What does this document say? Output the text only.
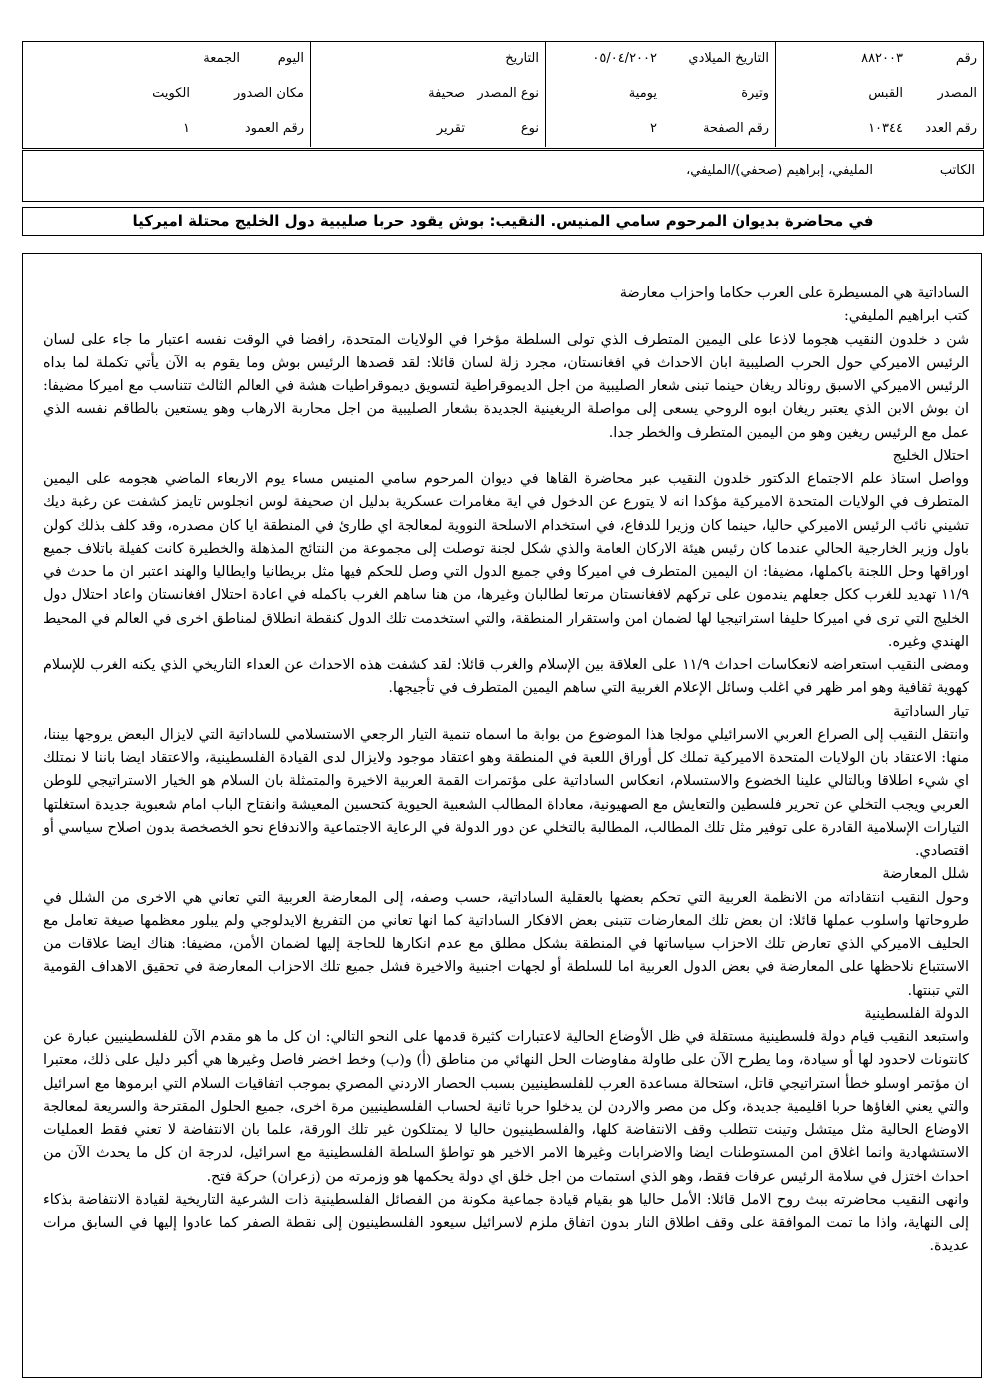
رقم
٨٨٢٠٠٣
التاريخ الميلادي
٠٥/٠٤/٢٠٠٢
التاريخ
اليوم
الجمعة
المصدر
القبس
وتيرة
يومية
نوع المصدر
صحيفة
مكان الصدور
الكويت
رقم العدد
١٠٣٤٤
رقم الصفحة
٢
نوع
تقرير
رقم العمود
١
الكاتب
المليفي، إبراهيم (صحفي)/المليفي،
في محاضرة بديوان المرحوم سامي المنيس. النقيب: بوش يقود حربا صليبية دول الخليج محتلة اميركيا

الساداتية هي المسيطرة على العرب حكاما واحزاب معارضة

كتب ابراهيم المليفي:

شن د خلدون النقيب هجوما لاذعا على اليمين المتطرف الذي تولى السلطة مؤخرا في الولايات المتحدة، رافضا في الوقت نفسه اعتبار ما جاء على لسان الرئيس الاميركي حول الحرب الصليبية ابان الاحداث في افغانستان، مجرد زلة لسان قائلا: لقد قصدها الرئيس بوش وما يقوم به الآن يأتي تكملة لما بداه الرئيس الاميركي الاسبق رونالد ريغان حينما تبنى شعار الصليبية من اجل الديموقراطية لتسويق ديموقراطيات هشة في العالم الثالث تتناسب مع اميركا مضيفا: ان بوش الابن الذي يعتبر ريغان ابوه الروحي يسعى إلى مواصلة الريغينية الجديدة بشعار الصليبية من اجل محاربة الارهاب وهو يستعين بالطاقم نفسه الذي عمل مع الرئيس ريغين وهو من اليمين المتطرف والخطر جدا.

احتلال الخليج

وواصل استاذ علم الاجتماع الدكتور خلدون النقيب عبر محاضرة القاها في ديوان المرحوم سامي المنيس مساء يوم الاربعاء الماضي هجومه على اليمين المتطرف في الولايات المتحدة الاميركية مؤكدا انه لا يتورع عن الدخول في اية مغامرات عسكرية بدليل ان صحيفة لوس انجلوس تايمز كشفت عن رغبة ديك تشيني نائب الرئيس الاميركي حاليا، حينما كان وزيرا للدفاع، في استخدام الاسلحة النووية لمعالجة اي طارئ في المنطقة ايا كان مصدره، وقد كلف بذلك كولن باول وزير الخارجية الحالي عندما كان رئيس هيئة الاركان العامة والذي شكل لجنة توصلت إلى مجموعة من النتائج المذهلة والخطيرة كانت كفيلة باتلاف جميع اوراقها وحل اللجنة باكملها، مضيفا: ان اليمين المتطرف في اميركا وفي جميع الدول التي وصل للحكم فيها مثل بريطانيا وايطاليا والهند اعتبر ان ما حدث في ١١/٩ تهديد للغرب ككل جعلهم يندمون على تركهم لافغانستان مرتعا لطالبان وغيرها، من هنا ساهم الغرب باكمله في اعادة احتلال افغانستان واعاد احتلال دول الخليج التي ترى في اميركا حليفا استراتيجيا لها لضمان امن واستقرار المنطقة، والتي استخدمت تلك الدول كنقطة انطلاق لمناطق اخرى في العالم في المحيط الهندي وغيره.

ومضى النقيب استعراضه لانعكاسات احداث ١١/٩ على العلاقة بين الإسلام والغرب قائلا: لقد كشفت هذه الاحداث عن العداء التاريخي الذي يكنه الغرب للإسلام كهوية ثقافية وهو امر ظهر في اغلب وسائل الإعلام الغربية التي ساهم اليمين المتطرف في تأجيجها.

تيار الساداتية

وانتقل النقيب إلى الصراع العربي الاسرائيلي مولجا هذا الموضوع من بوابة ما اسماه تنمية التيار الرجعي الاستسلامي للساداتية التي لايزال البعض يروجها بيننا، منها: الاعتقاد بان الولايات المتحدة الاميركية تملك كل أوراق اللعبة في المنطقة وهو اعتقاد موجود ولايزال لدى القيادة الفلسطينية، والاعتقاد ايضا باننا لا نمتلك اي شيء اطلاقا وبالتالي علينا الخضوع والاستسلام، انعكاس الساداتية على مؤتمرات القمة العربية الاخيرة والمتمثلة بان السلام هو الخيار الاستراتيجي للوطن العربي ويجب التخلي عن تحرير فلسطين والتعايش مع الصهيونية، معاداة المطالب الشعبية الحيوية كتحسين المعيشة وانفتاح الباب امام شعبوية جديدة استغلتها التيارات الإسلامية القادرة على توفير مثل تلك المطالب، المطالبة بالتخلي عن دور الدولة في الرعاية الاجتماعية والاندفاع نحو الخصخصة بدون اصلاح سياسي أو اقتصادي.

شلل المعارضة

وحول النقيب انتقاداته من الانظمة العربية التي تحكم بعضها بالعقلية الساداتية، حسب وصفه، إلى المعارضة العربية التي تعاني هي الاخرى من الشلل في طروحاتها واسلوب عملها قائلا: ان بعض تلك المعارضات تتبنى بعض الافكار الساداتية كما انها تعاني من التفريغ الايدلوجي ولم يبلور معظمها صيغة تعامل مع الحليف الاميركي الذي تعارض تلك الاحزاب سياساتها في المنطقة بشكل مطلق مع عدم انكارها للحاجة إليها لضمان الأمن، مضيفا: هناك ايضا علاقات من الاستتباع نلاحظها على المعارضة في بعض الدول العربية اما للسلطة أو لجهات اجنبية والاخيرة فشل جميع تلك الاحزاب المعارضة في تحقيق الاهداف القومية التي تبنتها.

الدولة الفلسطينية

واستبعد النقيب قيام دولة فلسطينية مستقلة في ظل الأوضاع الحالية لاعتبارات كثيرة قدمها على النحو التالي: ان كل ما هو مقدم الآن للفلسطينيين عبارة عن كانتونات لاحدود لها أو سيادة، وما يطرح الآن على طاولة مفاوضات الحل النهائي من مناطق (أ) و(ب) وخط اخضر فاصل وغيرها هي أكبر دليل على ذلك، معتبرا ان مؤتمر اوسلو خطأ استراتيجي قاتل، استحالة مساعدة العرب للفلسطينيين بسبب الحصار الاردني المصري بموجب اتفاقيات السلام التي ابرموها مع اسرائيل والتي يعني الغاؤها حربا اقليمية جديدة، وكل من مصر والاردن لن يدخلوا حربا ثانية لحساب الفلسطينيين مرة اخرى، جميع الحلول المقترحة والسريعة لمعالجة الاوضاع الحالية مثل ميتشل وتينت تتطلب وقف الانتفاضة كلها، والفلسطينيون حاليا لا يمتلكون غير تلك الورقة، علما بان الانتفاضة لا تعني فقط العمليات الاستشهادية وانما اغلاق امن المستوطنات ايضا والاضرابات وغيرها الامر الاخير هو تواطؤ السلطة الفلسطينية مع اسرائيل، لدرجة ان كل ما يحدث الآن من احداث اختزل في سلامة الرئيس عرفات فقط، وهو الذي استمات من اجل خلق اي دولة يحكمها هو وزمرته من (زعران) حركة فتح.

وانهى النقيب محاضرته ببث روح الامل قائلا: الأمل حاليا هو بقيام قيادة جماعية مكونة من الفصائل الفلسطينية ذات الشرعية التاريخية لقيادة الانتفاضة بذكاء إلى النهاية، واذا ما تمت الموافقة على وقف اطلاق النار بدون اتفاق ملزم لاسرائيل سيعود الفلسطينيون إلى نقطة الصفر كما عادوا إليها في السابق مرات عديدة.
